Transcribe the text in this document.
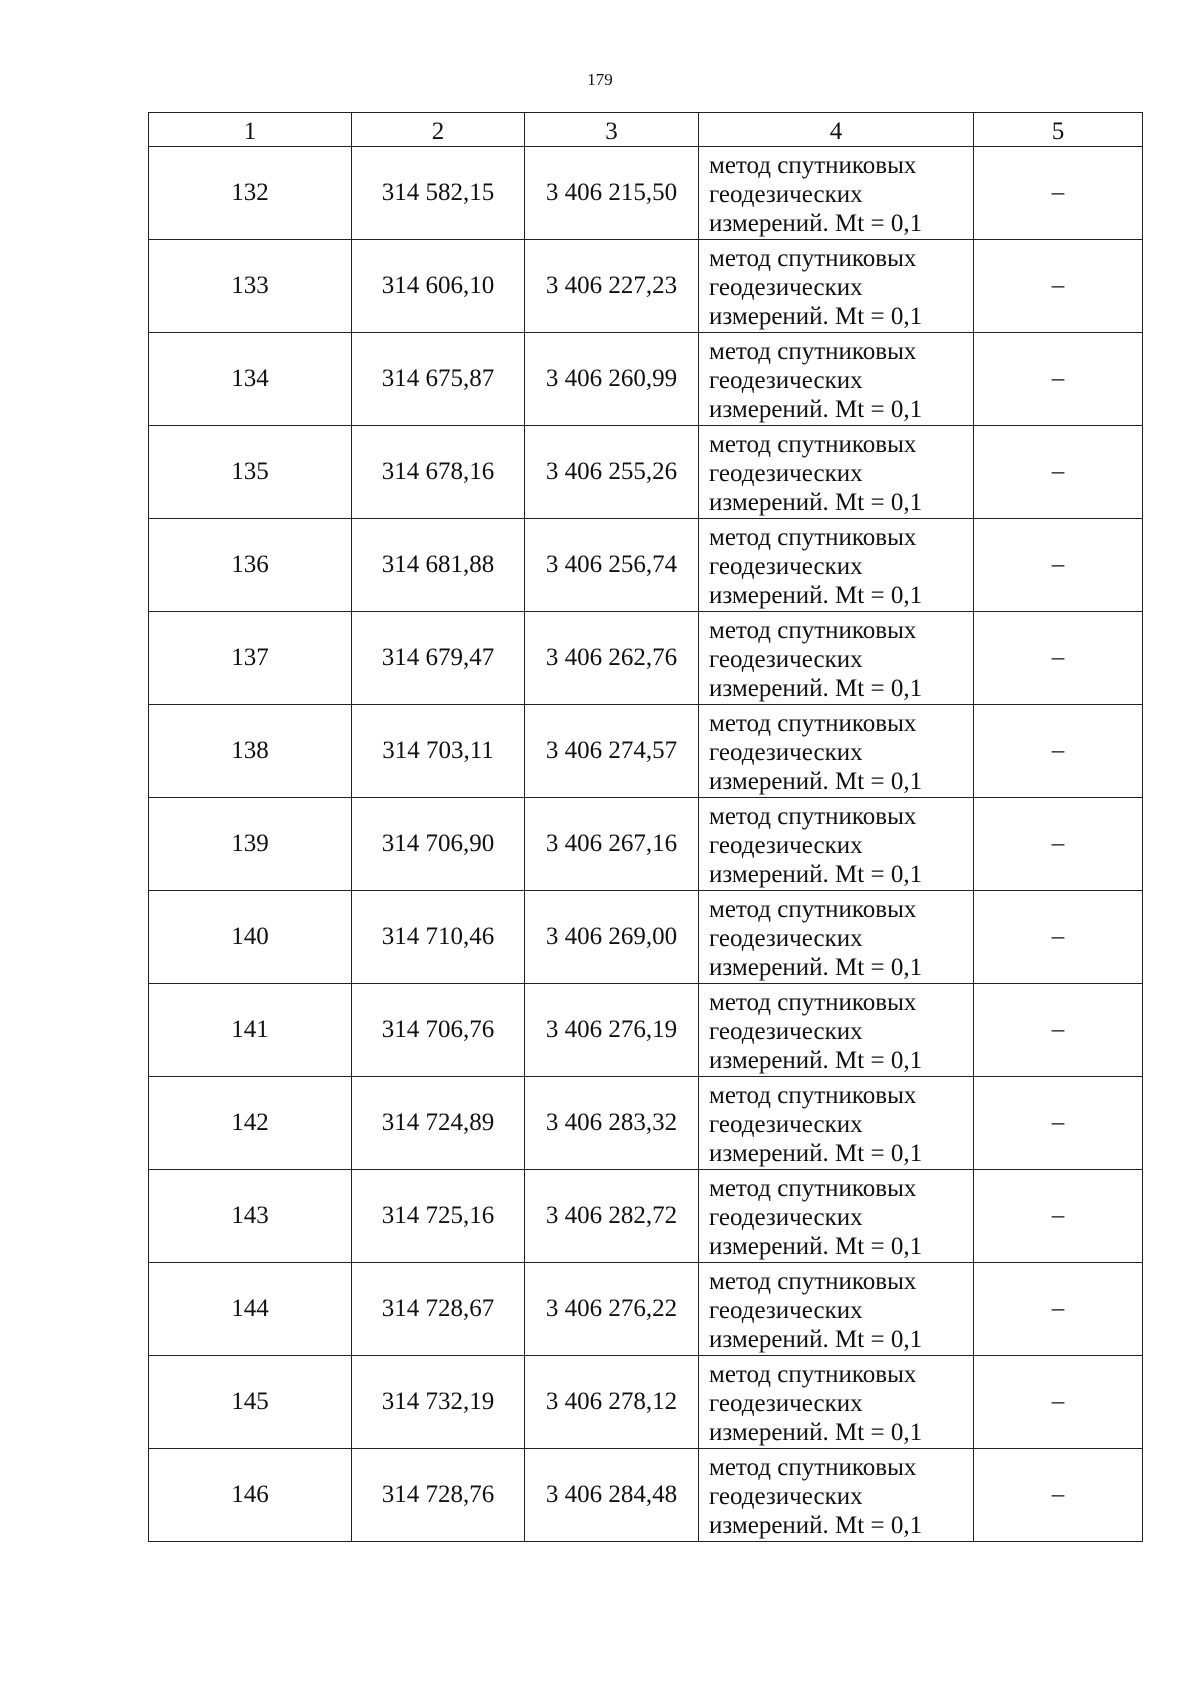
179
1	2	3	4	5
132	314 582,15	3 406 215,50	метод спутниковых
геодезических
измерений. Mt = 0,1	–
133	314 606,10	3 406 227,23	метод спутниковых
геодезических
измерений. Mt = 0,1	–
134	314 675,87	3 406 260,99	метод спутниковых
геодезических
измерений. Mt = 0,1	–
135	314 678,16	3 406 255,26	метод спутниковых
геодезических
измерений. Mt = 0,1	–
136	314 681,88	3 406 256,74	метод спутниковых
геодезических
измерений. Mt = 0,1	–
137	314 679,47	3 406 262,76	метод спутниковых
геодезических
измерений. Mt = 0,1	–
138	314 703,11	3 406 274,57	метод спутниковых
геодезических
измерений. Mt = 0,1	–
139	314 706,90	3 406 267,16	метод спутниковых
геодезических
измерений. Mt = 0,1	–
140	314 710,46	3 406 269,00	метод спутниковых
геодезических
измерений. Mt = 0,1	–
141	314 706,76	3 406 276,19	метод спутниковых
геодезических
измерений. Mt = 0,1	–
142	314 724,89	3 406 283,32	метод спутниковых
геодезических
измерений. Mt = 0,1	–
143	314 725,16	3 406 282,72	метод спутниковых
геодезических
измерений. Mt = 0,1	–
144	314 728,67	3 406 276,22	метод спутниковых
геодезических
измерений. Mt = 0,1	–
145	314 732,19	3 406 278,12	метод спутниковых
геодезических
измерений. Mt = 0,1	–
146	314 728,76	3 406 284,48	метод спутниковых
геодезических
измерений. Mt = 0,1	–
